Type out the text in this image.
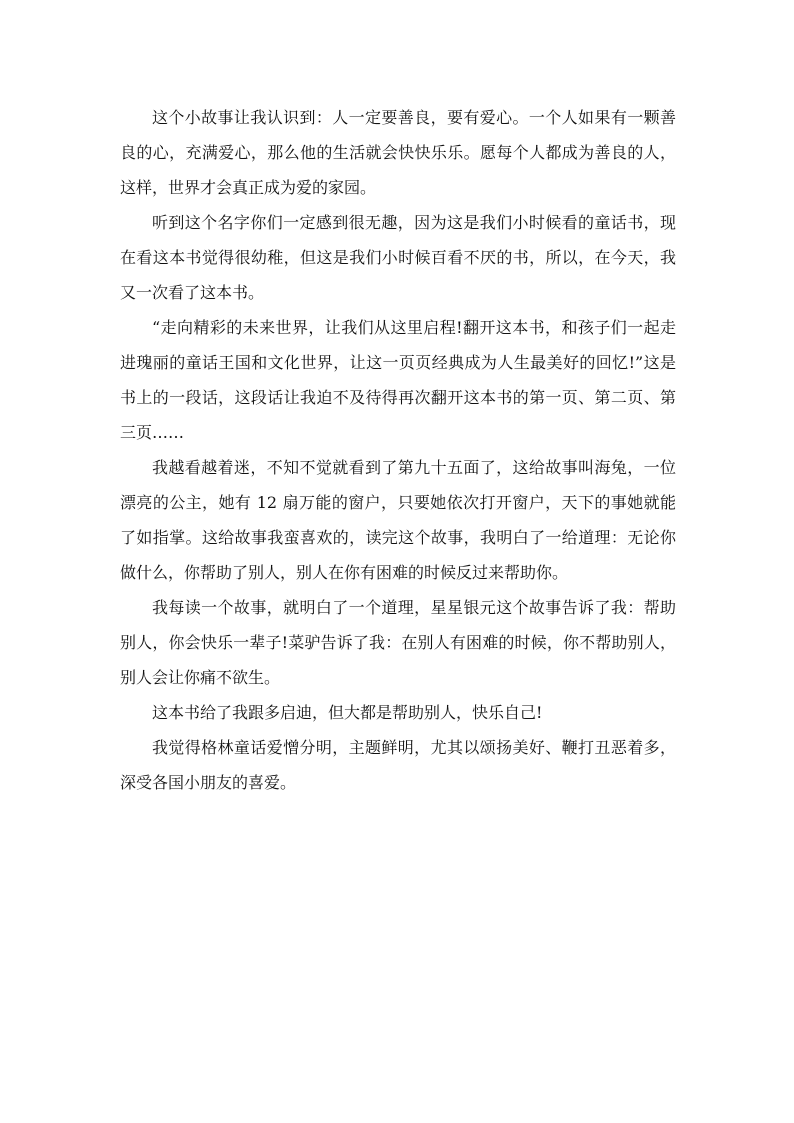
这个小故事让我认识到：人一定要善良，要有爱心。一个人如果有一颗善良的心，充满爱心，那么他的生活就会快快乐乐。愿每个人都成为善良的人，这样，世界才会真正成为爱的家园。

听到这个名字你们一定感到很无趣，因为这是我们小时候看的童话书，现在看这本书觉得很幼稚，但这是我们小时候百看不厌的书，所以，在今天，我又一次看了这本书。

“走向精彩的未来世界，让我们从这里启程!翻开这本书，和孩子们一起走进瑰丽的童话王国和文化世界，让这一页页经典成为人生最美好的回忆!”这是书上的一段话，这段话让我迫不及待得再次翻开这本书的第一页、第二页、第三页……

我越看越着迷，不知不觉就看到了第九十五面了，这给故事叫海兔，一位漂亮的公主，她有 12 扇万能的窗户，只要她依次打开窗户，天下的事她就能了如指掌。这给故事我蛮喜欢的，读完这个故事，我明白了一给道理：无论你做什么，你帮助了别人，别人在你有困难的时候反过来帮助你。

我每读一个故事，就明白了一个道理，星星银元这个故事告诉了我：帮助别人，你会快乐一辈子!菜驴告诉了我：在别人有困难的时候，你不帮助别人，别人会让你痛不欲生。

这本书给了我跟多启迪，但大都是帮助别人，快乐自己!

我觉得格林童话爱憎分明，主题鲜明，尤其以颂扬美好、鞭打丑恶着多，深受各国小朋友的喜爱。
